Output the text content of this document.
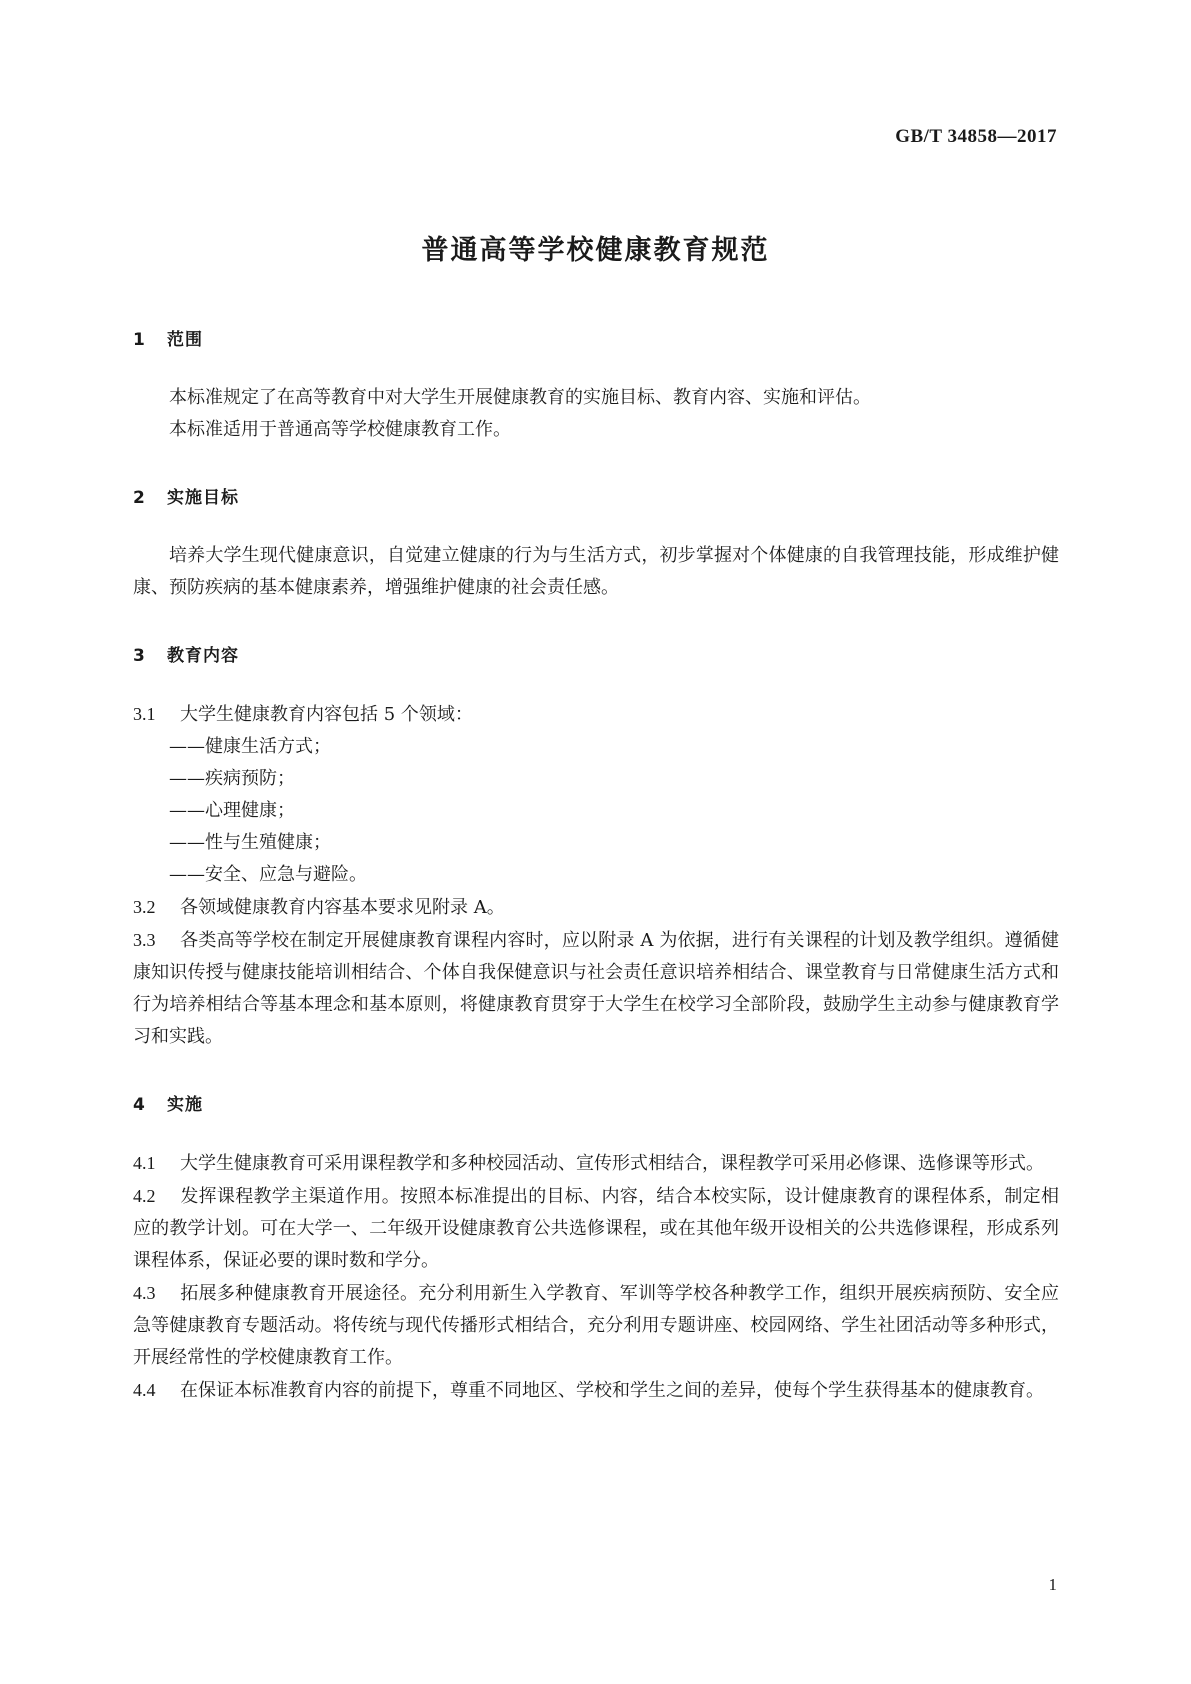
GB/T 34858—2017
普通高等学校健康教育规范
1 范围

本标准规定了在高等教育中对大学生开展健康教育的实施目标、教育内容、实施和评估。

本标准适用于普通高等学校健康教育工作。

2 实施目标

培养大学生现代健康意识，自觉建立健康的行为与生活方式，初步掌握对个体健康的自我管理技能，形成维护健康、预防疾病的基本健康素养，增强维护健康的社会责任感。

3 教育内容

3.1 大学生健康教育内容包括 5 个领域：

——健康生活方式；

——疾病预防；

——心理健康；

——性与生殖健康；

——安全、应急与避险。

3.2 各领域健康教育内容基本要求见附录 A。

3.3 各类高等学校在制定开展健康教育课程内容时，应以附录 A 为依据，进行有关课程的计划及教学组织。遵循健康知识传授与健康技能培训相结合、个体自我保健意识与社会责任意识培养相结合、课堂教育与日常健康生活方式和行为培养相结合等基本理念和基本原则，将健康教育贯穿于大学生在校学习全部阶段，鼓励学生主动参与健康教育学习和实践。

4 实施

4.1 大学生健康教育可采用课程教学和多种校园活动、宣传形式相结合，课程教学可采用必修课、选修课等形式。

4.2 发挥课程教学主渠道作用。按照本标准提出的目标、内容，结合本校实际，设计健康教育的课程体系，制定相应的教学计划。可在大学一、二年级开设健康教育公共选修课程，或在其他年级开设相关的公共选修课程，形成系列课程体系，保证必要的课时数和学分。

4.3 拓展多种健康教育开展途径。充分利用新生入学教育、军训等学校各种教学工作，组织开展疾病预防、安全应急等健康教育专题活动。将传统与现代传播形式相结合，充分利用专题讲座、校园网络、学生社团活动等多种形式，开展经常性的学校健康教育工作。

4.4 在保证本标准教育内容的前提下，尊重不同地区、学校和学生之间的差异，使每个学生获得基本的健康教育。

1
